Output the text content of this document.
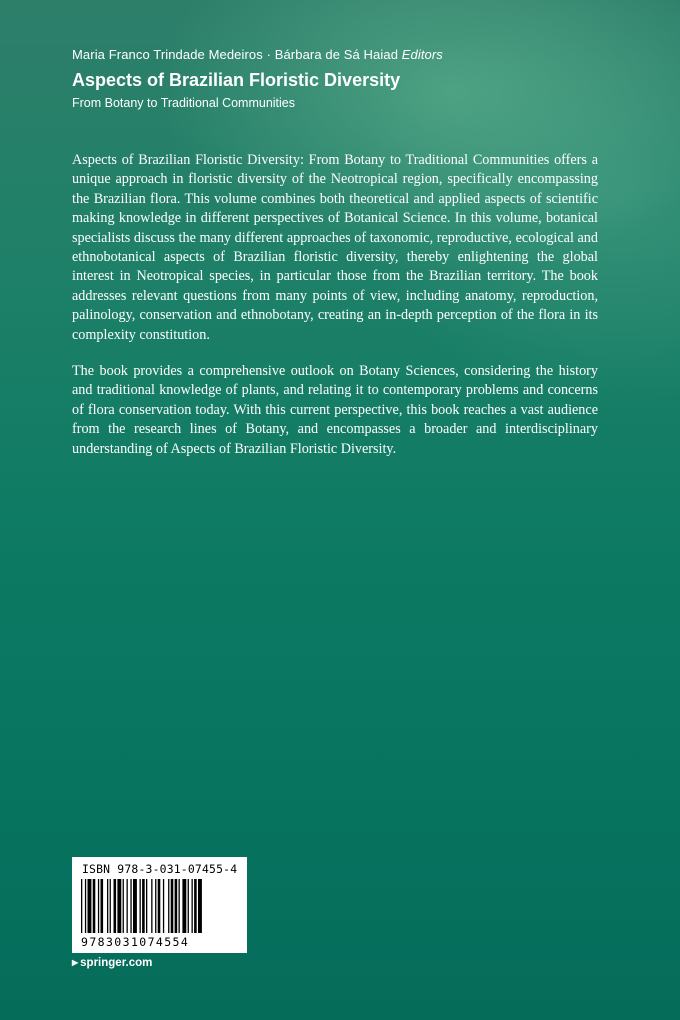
Maria Franco Trindade Medeiros · Bárbara de Sá Haiad Editors
Aspects of Brazilian Floristic Diversity
From Botany to Traditional Communities

Aspects of Brazilian Floristic Diversity: From Botany to Traditional Communities offers a unique approach in floristic diversity of the Neotropical region, specifically encompassing the Brazilian flora. This volume combines both theoretical and applied aspects of scientific making knowledge in different perspectives of Botanical Science. In this volume, botanical specialists discuss the many different approaches of taxonomic, reproductive, ecological and ethnobotanical aspects of Brazilian floristic diversity, thereby enlightening the global interest in Neotropical species, in particular those from the Brazilian territory. The book addresses relevant questions from many points of view, including anatomy, reproduction, palinology, conservation and ethnobotany, creating an in-depth perception of the flora in its complexity constitution.

The book provides a comprehensive outlook on Botany Sciences, considering the history and traditional knowledge of plants, and relating it to contemporary problems and concerns of flora conservation today. With this current perspective, this book reaches a vast audience from the research lines of Botany, and encompasses a broader and interdisciplinary understanding of Aspects of Brazilian Floristic Diversity.

ISBN 978-3-031-07455-4
9783031074554
▶ springer.com
